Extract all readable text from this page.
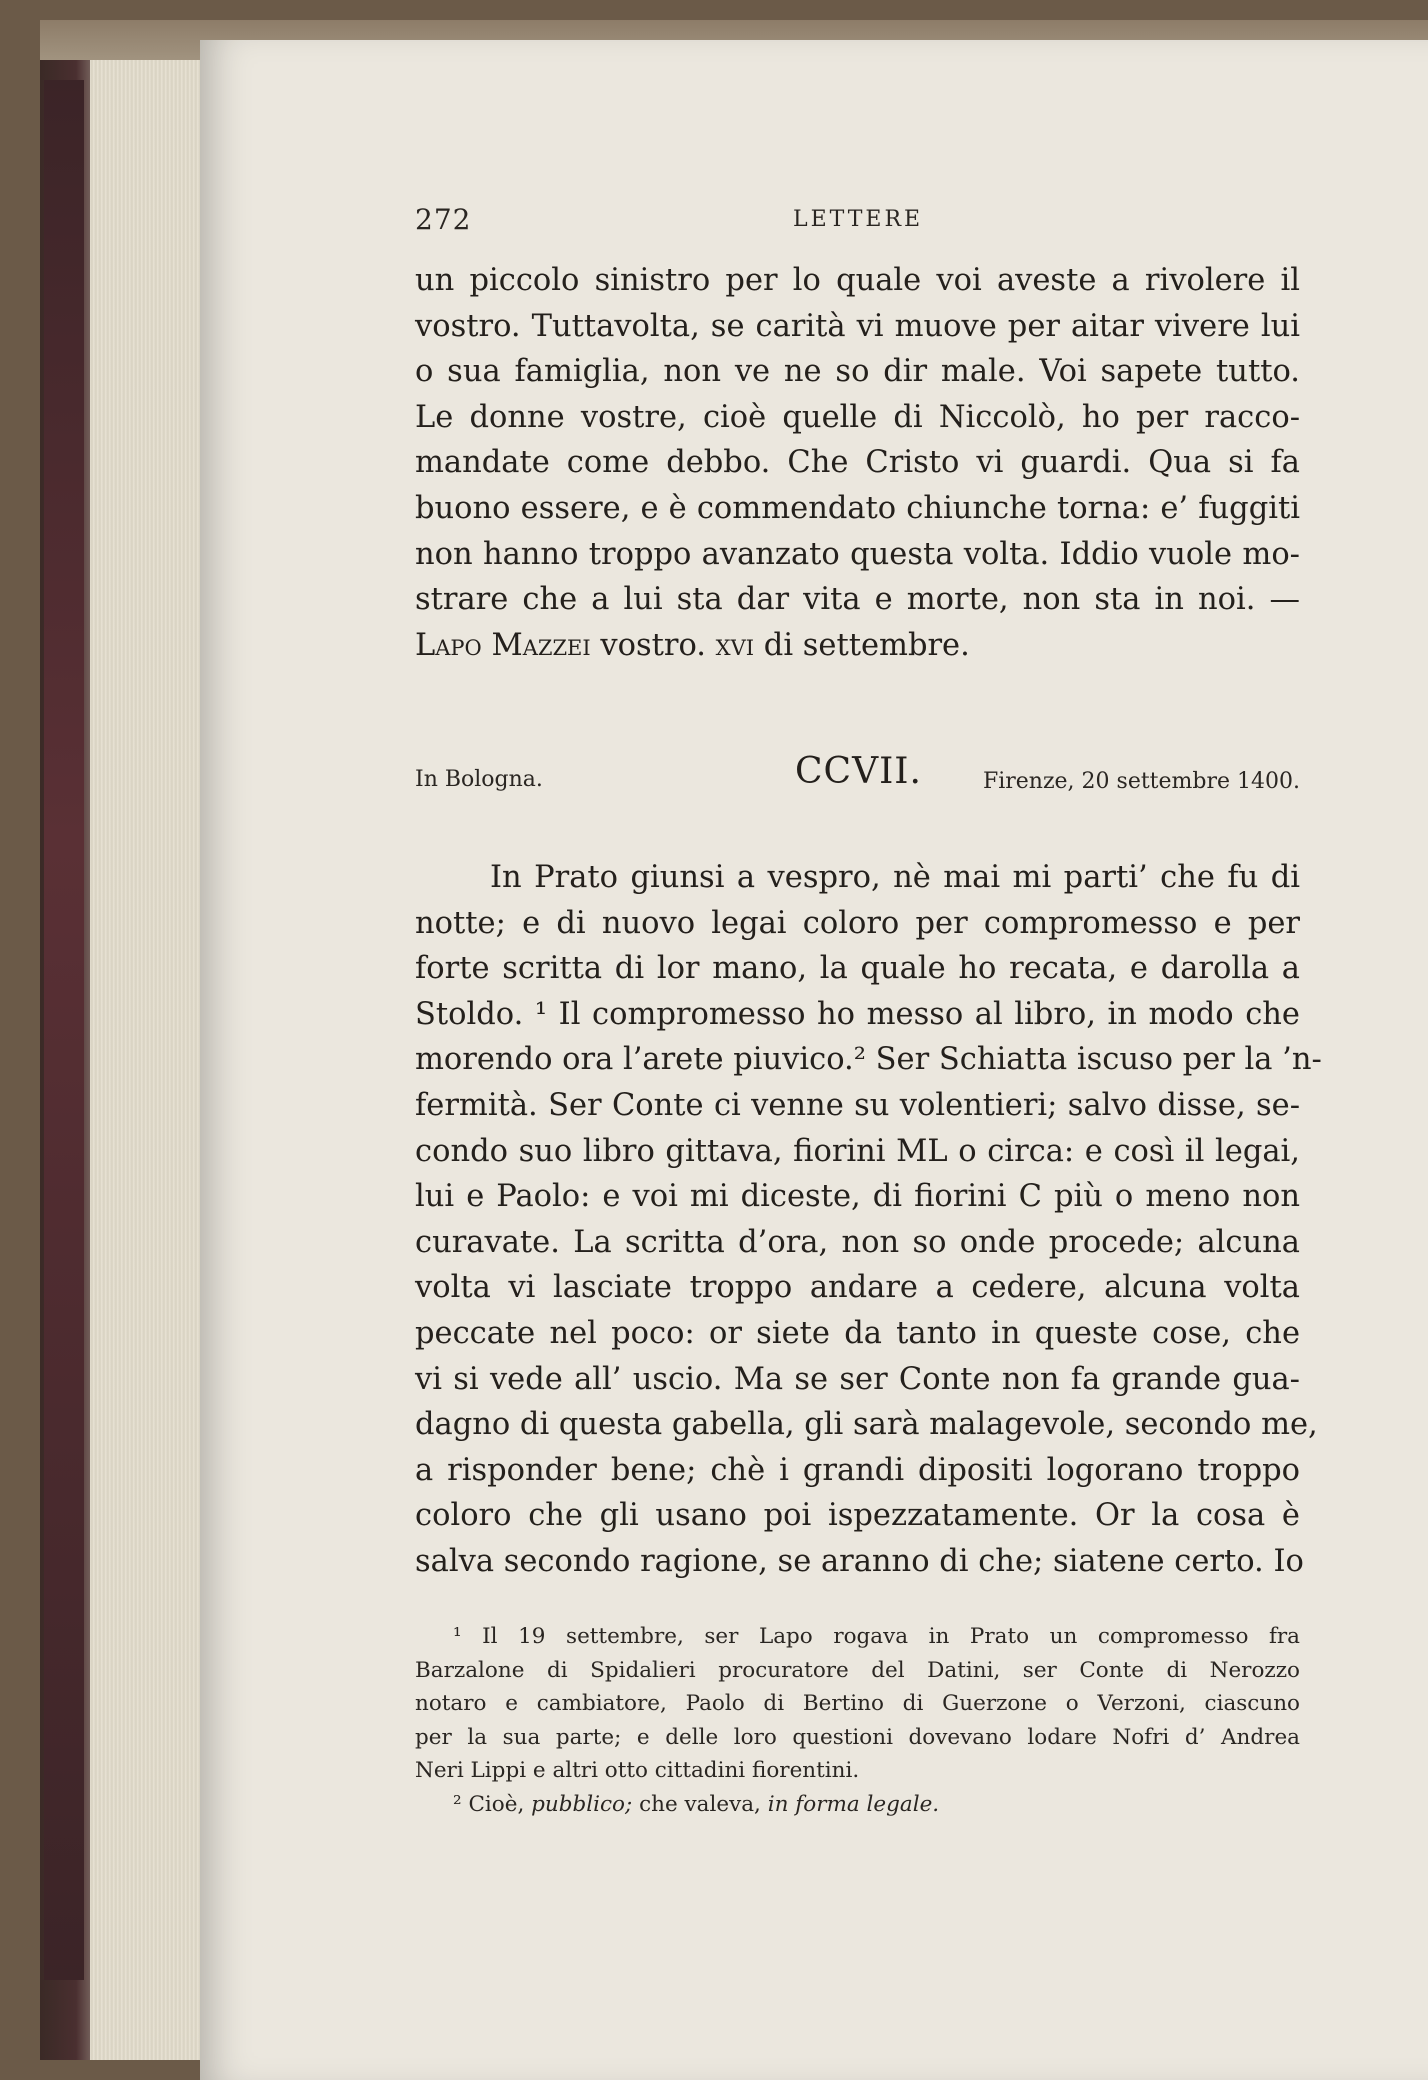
272	LETTERE
un piccolo sinistro per lo quale voi aveste a rivolere il
vostro. Tuttavolta, se carità vi muove per aitar vivere lui
o sua famiglia, non ve ne so dir male. Voi sapete tutto.
Le donne vostre, cioè quelle di Niccolò, ho per racco-
mandate come debbo. Che Cristo vi guardi. Qua si fa
buono essere, e è commendato chiunche torna: e’ fuggiti
non hanno troppo avanzato questa volta. Iddio vuole mo-
strare che a lui sta dar vita e morte, non sta in noi. —
Lapo Mazzei vostro. xvi di settembre.
In Bologna.	CCVII.	Firenze, 20 settembre 1400.
In Prato giunsi a vespro, nè mai mi parti’ che fu di
notte; e di nuovo legai coloro per compromesso e per
forte scritta di lor mano, la quale ho recata, e darolla a
Stoldo. ¹ Il compromesso ho messo al libro, in modo che
morendo ora l’arete piuvico.² Ser Schiatta iscuso per la ’n-
fermità. Ser Conte ci venne su volentieri; salvo disse, se-
condo suo libro gittava, fiorini ML o circa: e così il legai,
lui e Paolo: e voi mi diceste, di fiorini C più o meno non
curavate. La scritta d’ora, non so onde procede; alcuna
volta vi lasciate troppo andare a cedere, alcuna volta
peccate nel poco: or siete da tanto in queste cose, che
vi si vede all’ uscio. Ma se ser Conte non fa grande gua-
dagno di questa gabella, gli sarà malagevole, secondo me,
a risponder bene; chè i grandi dipositi logorano troppo
coloro che gli usano poi ispezzatamente. Or la cosa è
salva secondo ragione, se aranno di che; siatene certo. Io
¹ Il 19 settembre, ser Lapo rogava in Prato un compromesso fra
Barzalone di Spidalieri procuratore del Datini, ser Conte di Nerozzo
notaro e cambiatore, Paolo di Bertino di Guerzone o Verzoni, ciascuno
per la sua parte; e delle loro questioni dovevano lodare Nofri d’ Andrea
Neri Lippi e altri otto cittadini fiorentini.
² Cioè, pubblico; che valeva, in forma legale.
